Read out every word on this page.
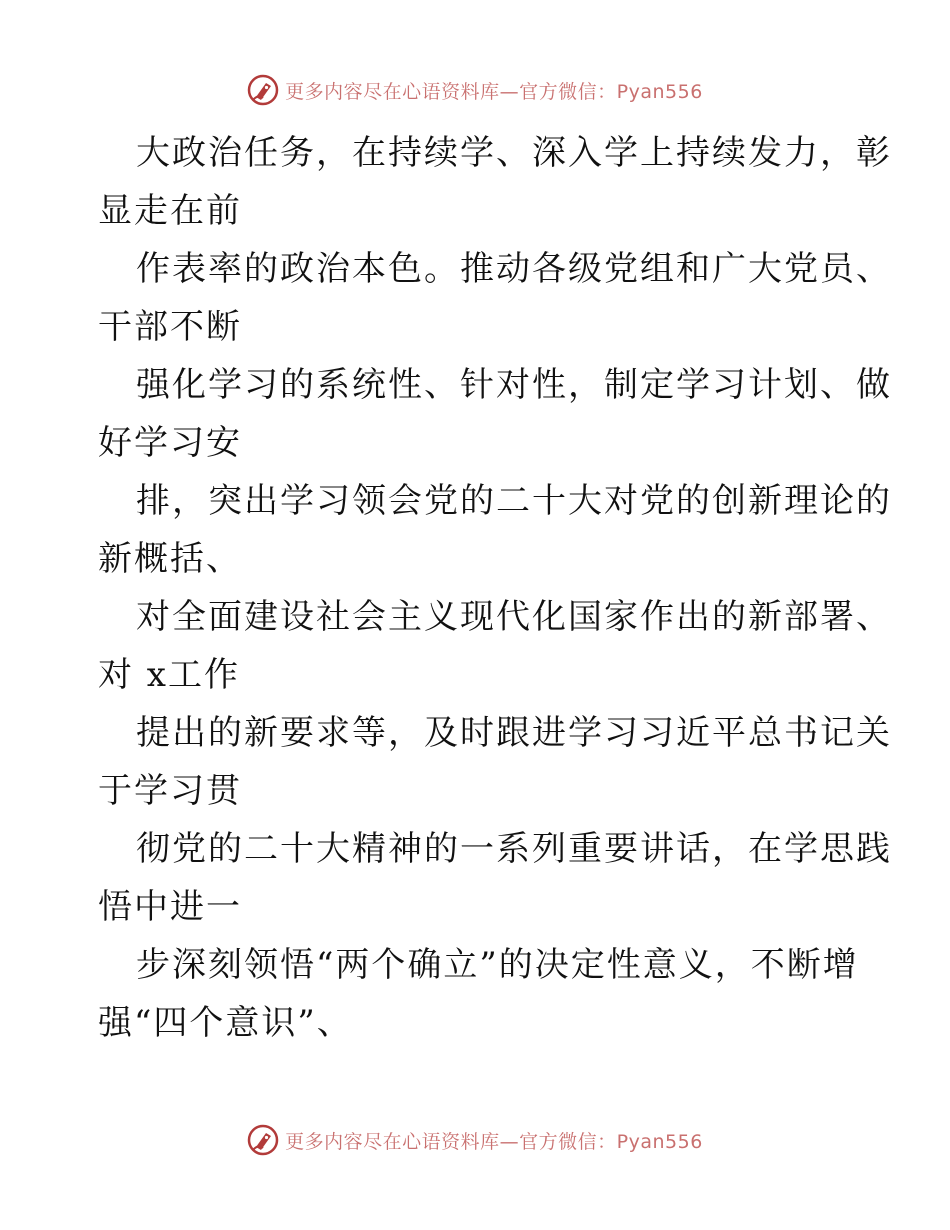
更多内容尽在心语资料库—官方微信：Pyan556
大政治任务，在持续学、深入学上持续发力，彰
显走在前
作表率的政治本色。推动各级党组和广大党员、
干部不断
强化学习的系统性、针对性，制定学习计划、做
好学习安
排，突出学习领会党的二十大对党的创新理论的
新概括、
对全面建设社会主义现代化国家作出的新部署、
对 x工作
提出的新要求等，及时跟进学习习近平总书记关
于学习贯
彻党的二十大精神的一系列重要讲话，在学思践
悟中进一
步深刻领悟“两个确立”的决定性意义，不断增
强“四个意识”、
更多内容尽在心语资料库—官方微信：Pyan556
